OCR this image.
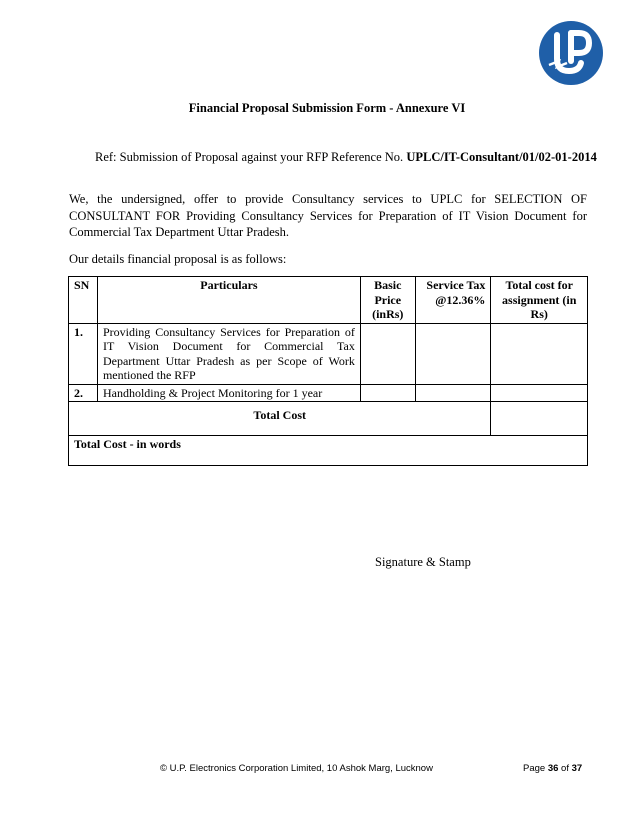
Financial Proposal Submission Form - Annexure VI
Ref: Submission of Proposal against your RFP Reference No. UPLC/IT-Consultant/01/02-01-2014
We, the undersigned, offer to provide Consultancy services to UPLC for SELECTION OF CONSULTANT FOR Providing Consultancy Services for Preparation of IT Vision Document for Commercial Tax Department Uttar Pradesh.
Our details financial proposal is as follows:
SN	Particulars	Basic Price (inRs)	Service Tax @12.36%	Total cost for assignment (in Rs)
1.	Providing Consultancy Services for Preparation of IT Vision Document for Commercial Tax Department Uttar Pradesh as per Scope of Work mentioned the RFP			
2.	Handholding & Project Monitoring for 1 year			
Total Cost				
Total Cost - in words				
Signature & Stamp
© U.P. Electronics Corporation Limited, 10 Ashok Marg, Lucknow	Page 36 of 37
